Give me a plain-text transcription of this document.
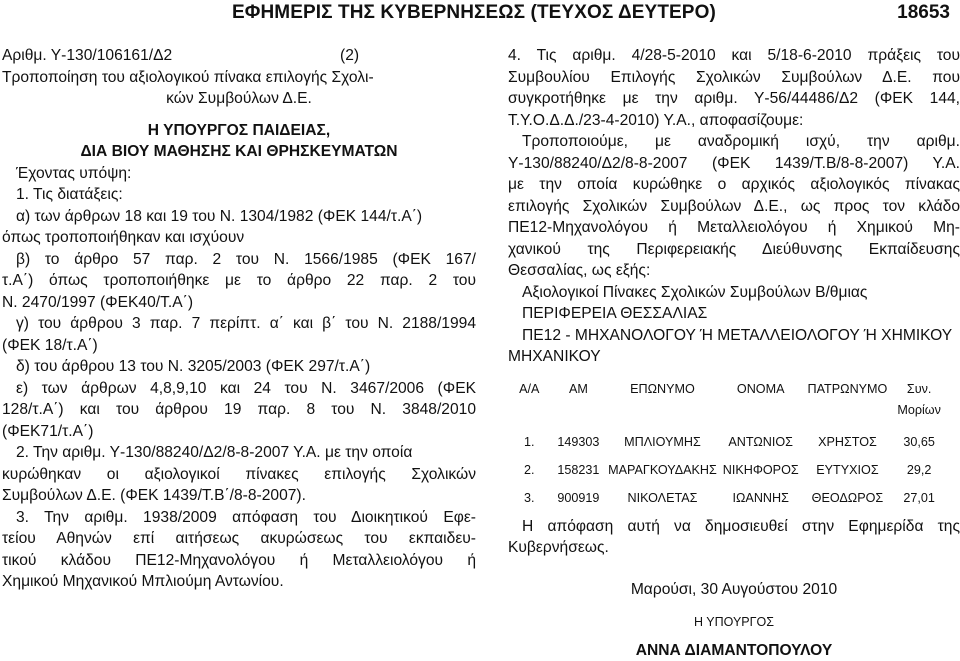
ΕΦΗΜΕΡΙΣ ΤΗΣ ΚΥΒΕΡΝΗΣΕΩΣ (ΤΕΥΧΟΣ ΔΕΥΤΕΡΟ)	18653
Αριθμ. Υ‑130/106161/Δ2	(2)
Τροποποίηση του αξιολογικού πίνακα επιλογής Σχολι-
κών Συμβούλων Δ.Ε.
Η ΥΠΟΥΡΓΟΣ ΠΑΙΔΕΙΑΣ,
ΔΙΑ ΒΙΟΥ ΜΑΘΗΣΗΣ ΚΑΙ ΘΡΗΣΚΕΥΜΑΤΩΝ
Έχοντας υπόψη:
1. Τις διατάξεις:
α) των άρθρων 18 και 19 του Ν. 1304/1982 (ΦΕΚ 144/τ.Α΄)
όπως τροποποιήθηκαν και ισχύουν
β) το άρθρο 57 παρ. 2 του Ν. 1566/1985 (ΦΕΚ 167/
τ.Α΄) όπως τροποποιήθηκε με το άρθρο 22 παρ. 2 του
Ν. 2470/1997 (ΦΕΚ40/Τ.Α΄)
γ) του άρθρου 3 παρ. 7 περίπτ. α΄ και β΄ του Ν. 2188/1994
(ΦΕΚ 18/τ.Α΄)
δ) του άρθρου 13 του Ν. 3205/2003 (ΦΕΚ 297/τ.Α΄)
ε) των άρθρων 4,8,9,10 και 24 του Ν. 3467/2006 (ΦΕΚ
128/τ.Α΄) και του άρθρου 19 παρ. 8 του Ν. 3848/2010
(ΦΕΚ71/τ.Α΄)
2. Την αριθμ. Υ‑130/88240/Δ2/8‑8‑2007 Υ.Α. με την οποία
κυρώθηκαν οι αξιολογικοί πίνακες επιλογής Σχολικών
Συμβούλων Δ.Ε. (ΦΕΚ 1439/Τ.Β΄/8‑8‑2007).
3. Την αριθμ. 1938/2009 απόφαση του Διοικητικού Εφε-
τείου Αθηνών επί αιτήσεως ακυρώσεως του εκπαιδευ-
τικού κλάδου ΠΕ12‑Μηχανολόγου ή Μεταλλειολόγου ή
Χημικού Μηχανικού Μπλιούμη Αντωνίου.
4. Τις αριθμ. 4/28‑5‑2010 και 5/18‑6‑2010 πράξεις του
Συμβουλίου Επιλογής Σχολικών Συμβούλων Δ.Ε. που
συγκροτήθηκε με την αριθμ. Υ‑56/44486/Δ2 (ΦΕΚ 144,
Τ.Υ.Ο.Δ.Δ./23‑4‑2010) Υ.Α., αποφασίζουμε:
Τροποποιούμε, με αναδρομική ισχύ, την αριθμ.
Υ‑130/88240/Δ2/8‑8‑2007 (ΦΕΚ 1439/Τ.Β/8‑8‑2007) Υ.Α.
με την οποία κυρώθηκε ο αρχικός αξιολογικός πίνακας
επιλογής Σχολικών Συμβούλων Δ.Ε., ως προς τον κλάδο
ΠΕ12‑Μηχανολόγου ή Μεταλλειολόγου ή Χημικού Μη-
χανικού της Περιφερειακής Διεύθυνσης Εκπαίδευσης
Θεσσαλίας, ως εξής:
Αξιολογικοί Πίνακες Σχολικών Συμβούλων Β/θμιας
ΠΕΡΙΦΕΡΕΙΑ ΘΕΣΣΑΛΙΑΣ
ΠΕ12 ‑ ΜΗΧΑΝΟΛΟΓΟΥ Ή ΜΕΤΑΛΛΕΙΟΛΟΓΟΥ Ή ΧΗΜΙΚΟΥ
ΜΗΧΑΝΙΚΟΥ
Α/Α	ΑΜ	ΕΠΩΝΥΜΟ	ΟΝΟΜΑ	ΠΑΤΡΩΝΥΜΟ	Συν. Μορίων
1.	149303	ΜΠΛΙΟΥΜΗΣ	ΑΝΤΩΝΙΟΣ	ΧΡΗΣΤΟΣ	30,65
2.	158231	ΜΑΡΑΓΚΟΥΔΑΚΗΣ	ΝΙΚΗΦΟΡΟΣ	ΕΥΤΥΧΙΟΣ	29,2
3.	900919	ΝΙΚΟΛΕΤΑΣ	ΙΩΑΝΝΗΣ	ΘΕΟΔΩΡΟΣ	27,01
Η απόφαση αυτή να δημοσιευθεί στην Εφημερίδα της
Κυβερνήσεως.
Μαρούσι, 30 Αυγούστου 2010
Η ΥΠΟΥΡΓΟΣ
ΑΝΝΑ ΔΙΑΜΑΝΤΟΠΟΥΛΟΥ
